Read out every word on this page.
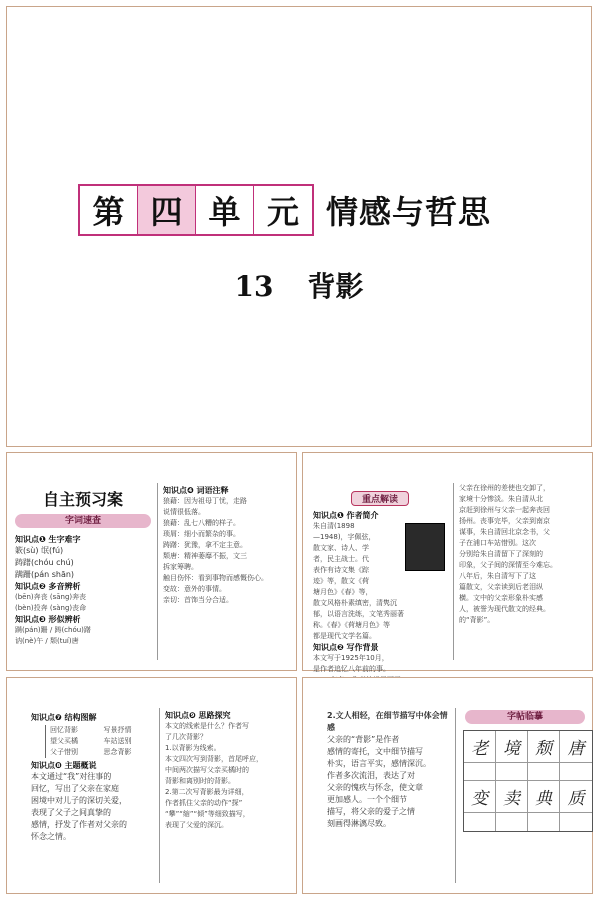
第 四 单 元 情感与哲思
13 背影
自主预习案
字词速查
知识点❶ 生字难字
簌(sù) 氓(fú)
踌躇(chóu chú)
蹒跚(pán shān)
知识点❷ 多音辨析
(bēn)奔丧 (sāng)奔丧
(bèn)投奔 (sàng)丧命
知识点❸ 形似辨析
蹒(pán)跚 / 踌(chóu)躇
讷(nè)午 / 颓(tuí)唐
知识点❹ 词语注释
狼藉：因为祖母丁忧，走路
说情很低落。
狼藉：乱七八糟的样子。
琐屑：细小而繁杂的事。
踌躇：犹豫，拿不定主意。
颓唐：精神萎靡不振，文三
拆家筹聘。
触目伤怀：看到事物而感慨伤心。
变故：意外的事情。
亲切：首饰当分合适。
重点解读
知识点❶ 作者简介
朱自清(1898
—1948)，字佩弦，
散文家、诗人、学
者，民主战士。代
表作有诗文集《踪
迹》等，散文《荷
塘月色》《春》等，
散文风格朴素缜密，清隽沉
郁，以语言洗练，文笔秀丽著
称。《春》《荷塘月色》等
都是现代文学名篇。
知识点❷ 写作背景
本文写于1925年10月，
是作者追忆八年前的事。
父亲在徐州的差使也交卸了，
家境十分惨淡。朱自清从北
京赶到徐州与父亲一起奔丧回
扬州。丧事完毕，父亲到南京
谋事，朱自清回北京念书，父
子在浦口车站惜别。这次
分别给朱自清留下了深刻的
印象，父子间的深情至今难忘。
八年后，朱自清写下了这
篇散文，父亲读到后老泪纵
横。文中的父亲形象朴实感
人，被誉为现代散文的经典。
的“背影”。
知识点❼ 结构图解
回忆背影	写景抒情
望父买橘	车站送别
父子惜别	思念背影
知识点❽ 主题概说
本文通过“我”对往事的
回忆，写出了父亲在家庭
困境中对儿子的深切关爱，
表现了父子之间真挚的
感情，抒发了作者对父亲的
怀念之情。
知识点❾ 思路探究
本文的线索是什么？作者写
了几次背影？
1.以背影为线索。
本文四次写到背影，首尾呼应，
中间两次描写父亲买橘时的
背影和离别时的背影。
2.第二次写背影最为详细，
作者抓住父亲的动作“探”
“攀”“缩”“倾”等细致描写，
表现了父爱的深沉。
2.文人相轻，在细节描写中体会情感
父亲的“背影”是作者
感情的寄托，文中细节描写
朴实，语言平实，感情深沉。
作者多次流泪，表达了对
父亲的愧疚与怀念，使文章
更加感人。一个个细节
描写，将父亲的爱子之情
刻画得淋漓尽致。
字帖临摹
老 境 颓 唐
变 卖 典 质
